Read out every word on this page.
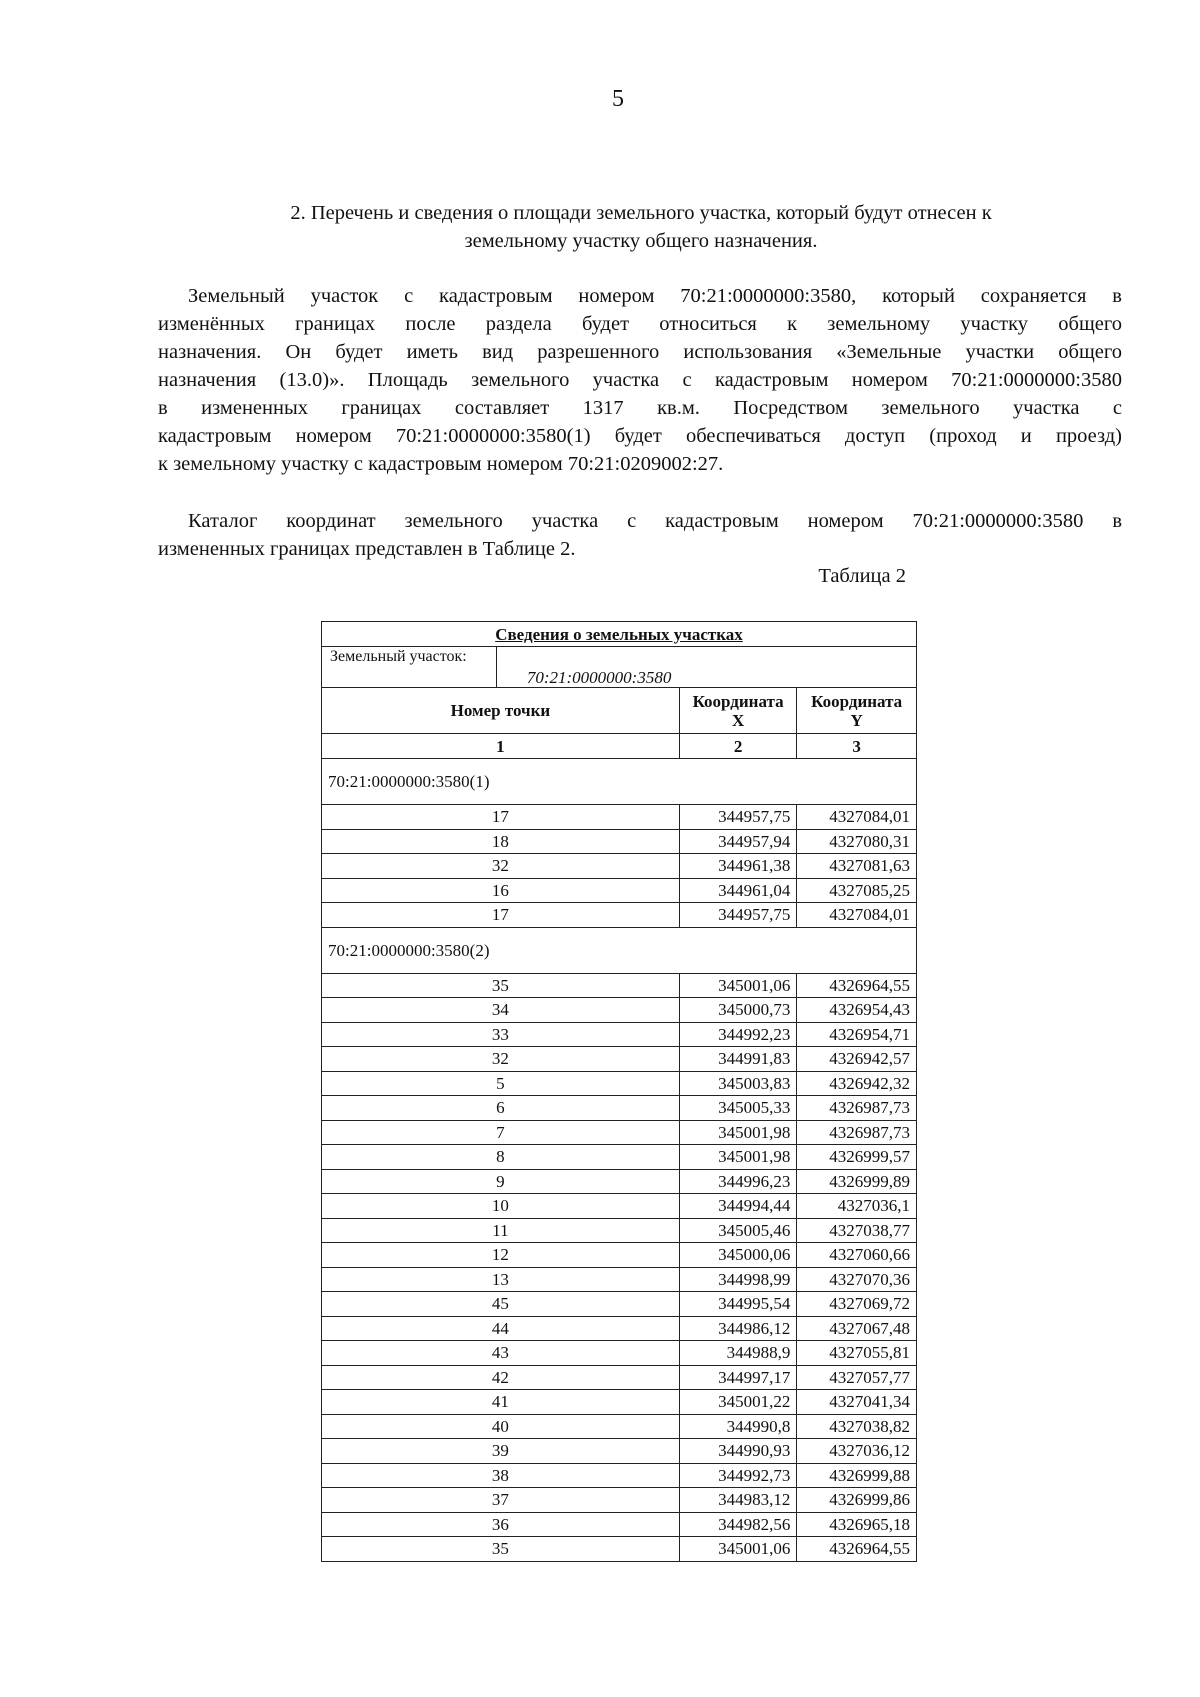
5
2. Перечень и сведения о площади земельного участка, который будут отнесен к
земельному участку общего назначения.
Земельный участок с кадастровым номером 70:21:0000000:3580, который сохраняется в
изменённых границах после раздела будет относиться к земельному участку общего
назначения. Он будет иметь вид разрешенного использования «Земельные участки общего
назначения (13.0)». Площадь земельного участка с кадастровым номером 70:21:0000000:3580
в измененных границах составляет 1317 кв.м. Посредством земельного участка с
кадастровым номером 70:21:0000000:3580(1) будет обеспечиваться доступ (проход и проезд)
к земельному участку с кадастровым номером 70:21:0209002:27.
Каталог координат земельного участка с кадастровым номером 70:21:0000000:3580 в
измененных границах представлен в Таблице 2.
Таблица 2
Сведения о земельных участках		

Земельный участок:
70:21:0000000:3580		

Номер точки	Координата X	Координата Y
1	2	3
70:21:0000000:3580(1)		
17	344957,75	4327084,01
18	344957,94	4327080,31
32	344961,38	4327081,63
16	344961,04	4327085,25
17	344957,75	4327084,01
70:21:0000000:3580(2)		
35	345001,06	4326964,55
34	345000,73	4326954,43
33	344992,23	4326954,71
32	344991,83	4326942,57
5	345003,83	4326942,32
6	345005,33	4326987,73
7	345001,98	4326987,73
8	345001,98	4326999,57
9	344996,23	4326999,89
10	344994,44	4327036,1
11	345005,46	4327038,77
12	345000,06	4327060,66
13	344998,99	4327070,36
45	344995,54	4327069,72
44	344986,12	4327067,48
43	344988,9	4327055,81
42	344997,17	4327057,77
41	345001,22	4327041,34
40	344990,8	4327038,82
39	344990,93	4327036,12
38	344992,73	4326999,88
37	344983,12	4326999,86
36	344982,56	4326965,18
35	345001,06	4326964,55
